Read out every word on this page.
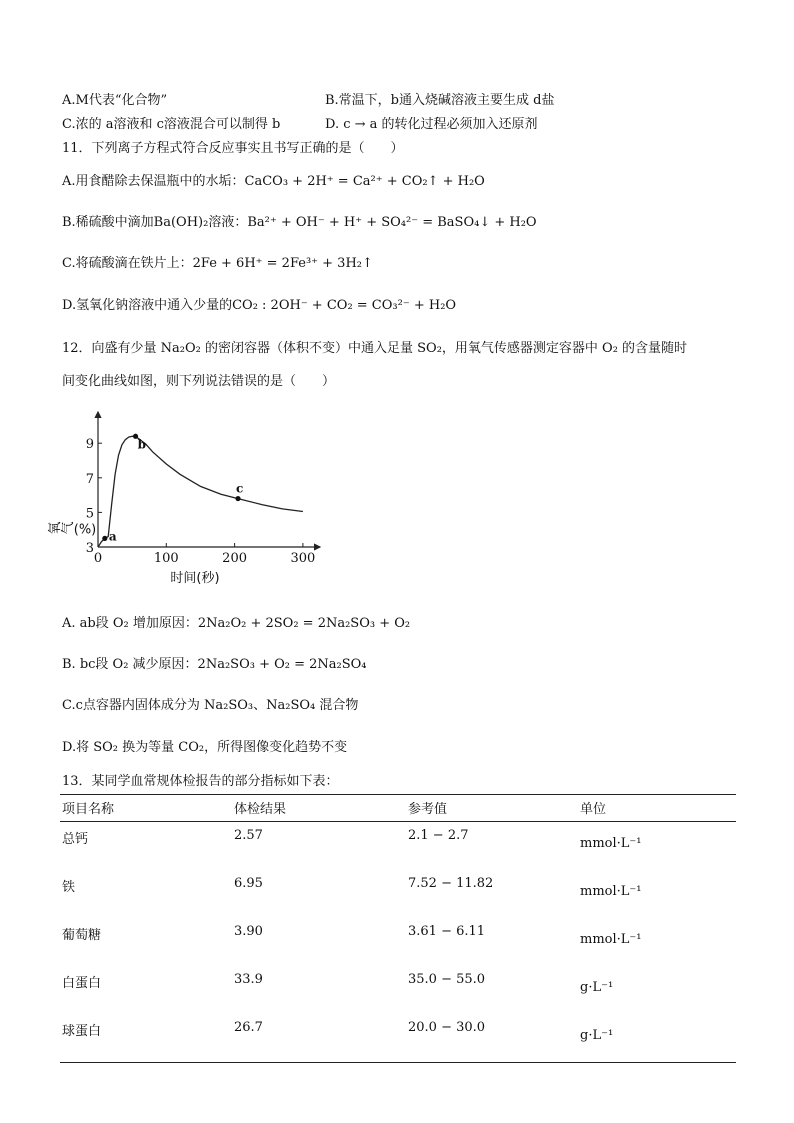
A.M代表“化合物”	B.常温下，b通入烧碱溶液主要生成 d盐
C.浓的 a溶液和 c溶液混合可以制得 b	D. c → a 的转化过程必须加入还原剂
11．下列离子方程式符合反应事实且书写正确的是（　　）
A.用食醋除去保温瓶中的水垢：CaCO₃ + 2H⁺ = Ca²⁺ + CO₂↑ + H₂O
B.稀硫酸中滴加Ba(OH)₂溶液：Ba²⁺ + OH⁻ + H⁺ + SO₄²⁻ = BaSO₄↓ + H₂O
C.将硫酸滴在铁片上：2Fe + 6H⁺ = 2Fe³⁺ + 3H₂↑
D.氢氧化钠溶液中通入少量的CO₂ : 2OH⁻ + CO₂ = CO₃²⁻ + H₂O
12．向盛有少量 Na₂O₂ 的密闭容器（体积不变）中通入足量 SO₂，用氧气传感器测定容器中 O₂ 的含量随时
间变化曲线如图，则下列说法错误的是（　　）
0	100	200	300
3
5
7
9
a
b
c
时间(秒)
氧气(%)
A. ab段 O₂ 增加原因：2Na₂O₂ + 2SO₂ = 2Na₂SO₃ + O₂
B. bc段 O₂ 减少原因：2Na₂SO₃ + O₂ = 2Na₂SO₄
C.c点容器内固体成分为 Na₂SO₃、Na₂SO₄ 混合物
D.将 SO₂ 换为等量 CO₂，所得图像变化趋势不变
13．某同学血常规体检报告的部分指标如下表：
项目名称	体检结果	参考值	单位
总钙	2.57	2.1 − 2.7	mmol·L⁻¹
铁	6.95	7.52 − 11.82	mmol·L⁻¹
葡萄糖	3.90	3.61 − 6.11	mmol·L⁻¹
白蛋白	33.9	35.0 − 55.0	g·L⁻¹
球蛋白	26.7	20.0 − 30.0	g·L⁻¹
